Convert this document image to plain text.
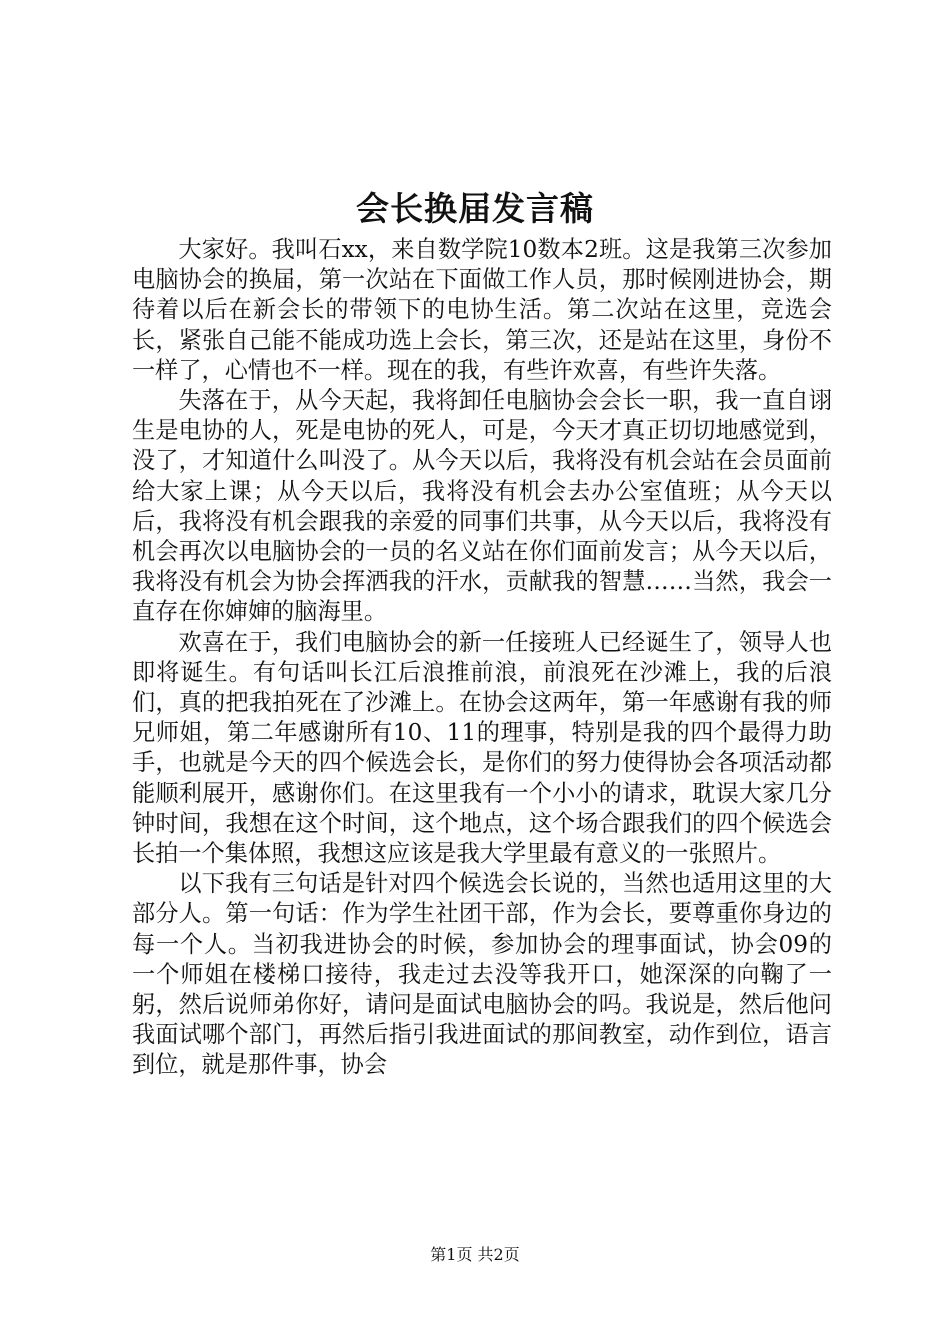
会长换届发言稿

大家好。我叫石xx，来自数学院10数本2班。这是我第三次参加电脑协会的换届，第一次站在下面做工作人员，那时候刚进协会，期待着以后在新会长的带领下的电协生活。第二次站在这里，竞选会长，紧张自己能不能成功选上会长，第三次，还是站在这里，身份不一样了，心情也不一样。现在的我，有些许欢喜，有些许失落。

失落在于，从今天起，我将卸任电脑协会会长一职，我一直自诩生是电协的人，死是电协的死人，可是，今天才真正切切地感觉到，没了，才知道什么叫没了。从今天以后，我将没有机会站在会员面前给大家上课；从今天以后，我将没有机会去办公室值班；从今天以后，我将没有机会跟我的亲爱的同事们共事，从今天以后，我将没有机会再次以电脑协会的一员的名义站在你们面前发言；从今天以后，我将没有机会为协会挥洒我的汗水，贡献我的智慧……当然，我会一直存在你婶婶的脑海里。

欢喜在于，我们电脑协会的新一任接班人已经诞生了，领导人也即将诞生。有句话叫长江后浪推前浪，前浪死在沙滩上，我的后浪们，真的把我拍死在了沙滩上。在协会这两年，第一年感谢有我的师兄师姐，第二年感谢所有10、11的理事，特别是我的四个最得力助手，也就是今天的四个候选会长，是你们的努力使得协会各项活动都能顺利展开，感谢你们。在这里我有一个小小的请求，耽误大家几分钟时间，我想在这个时间，这个地点，这个场合跟我们的四个候选会长拍一个集体照，我想这应该是我大学里最有意义的一张照片。

以下我有三句话是针对四个候选会长说的，当然也适用这里的大部分人。第一句话：作为学生社团干部，作为会长，要尊重你身边的每一个人。当初我进协会的时候，参加协会的理事面试，协会09的一个师姐在楼梯口接待，我走过去没等我开口，她深深的向鞠了一躬，然后说师弟你好，请问是面试电脑协会的吗。我说是，然后他问我面试哪个部门，再然后指引我进面试的那间教室，动作到位，语言到位，就是那件事，协会

第1页 共2页
